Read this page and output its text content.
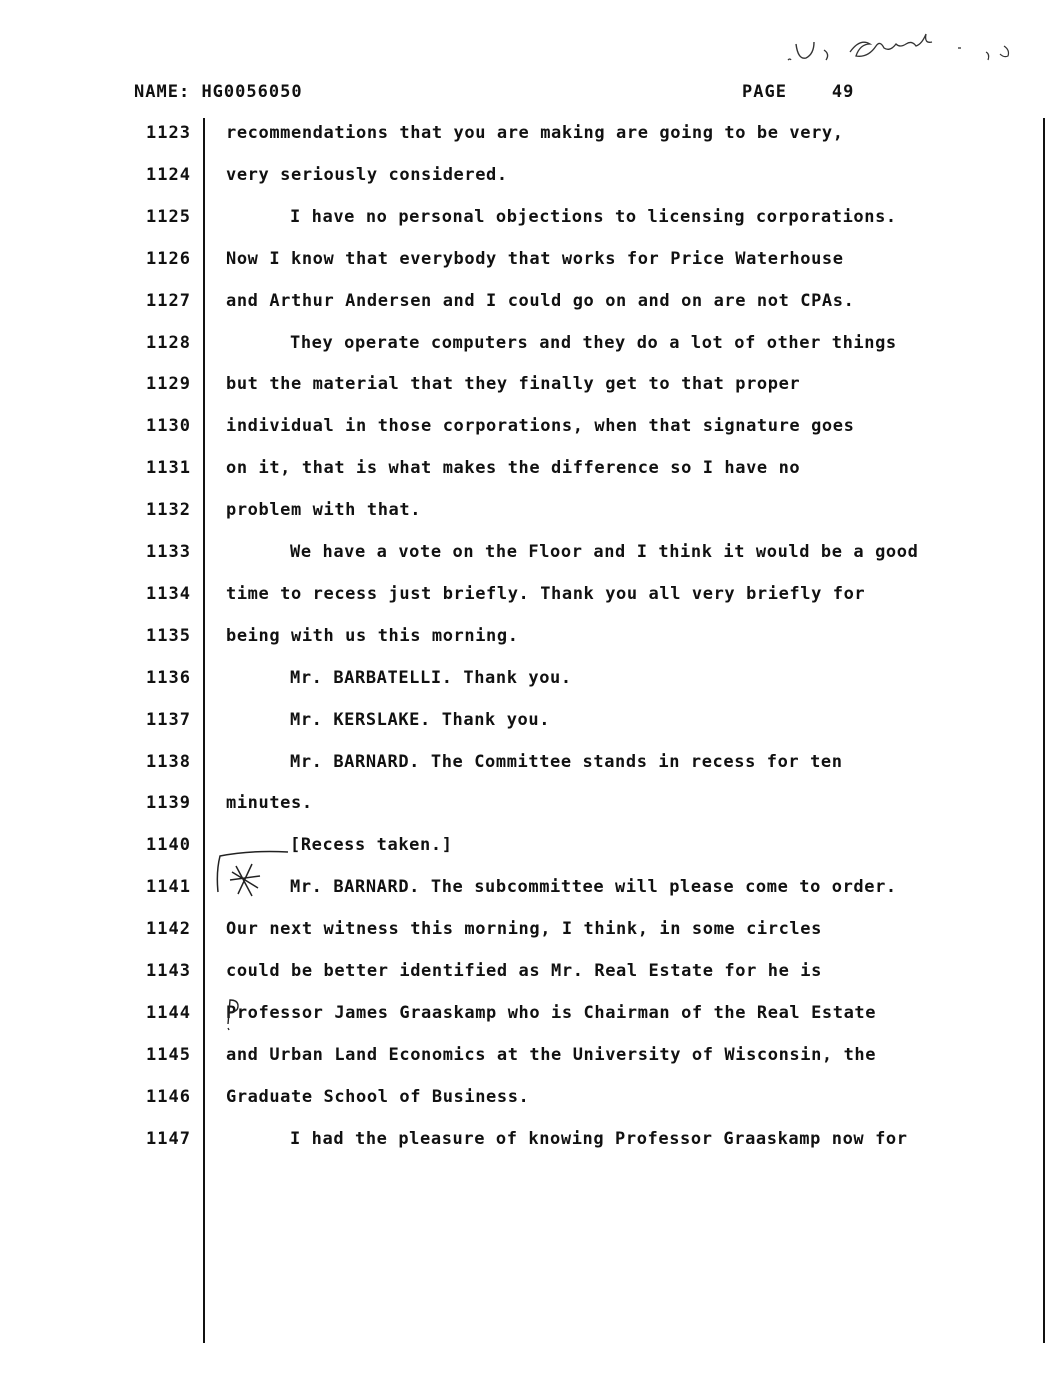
NAME: HG0056050	PAGE	49
1123	recommendations that you are making are going to be very,
1124	very seriously considered.
1125	I have no personal objections to licensing corporations.
1126	Now I know that everybody that works for Price Waterhouse
1127	and Arthur Andersen and I could go on and on are not CPAs.
1128	They operate computers and they do a lot of other things
1129	but the material that they finally get to that proper
1130	individual in those corporations, when that signature goes
1131	on it, that is what makes the difference so I have no
1132	problem with that.
1133	We have a vote on the Floor and I think it would be a good
1134	time to recess just briefly. Thank you all very briefly for
1135	being with us this morning.
1136	Mr. BARBATELLI. Thank you.
1137	Mr. KERSLAKE. Thank you.
1138	Mr. BARNARD. The Committee stands in recess for ten
1139	minutes.
1140	[Recess taken.]
1141	Mr. BARNARD. The subcommittee will please come to order.
1142	Our next witness this morning, I think, in some circles
1143	could be better identified as Mr. Real Estate for he is
1144	Professor James Graaskamp who is Chairman of the Real Estate
1145	and Urban Land Economics at the University of Wisconsin, the
1146	Graduate School of Business.
1147	I had the pleasure of knowing Professor Graaskamp now for
